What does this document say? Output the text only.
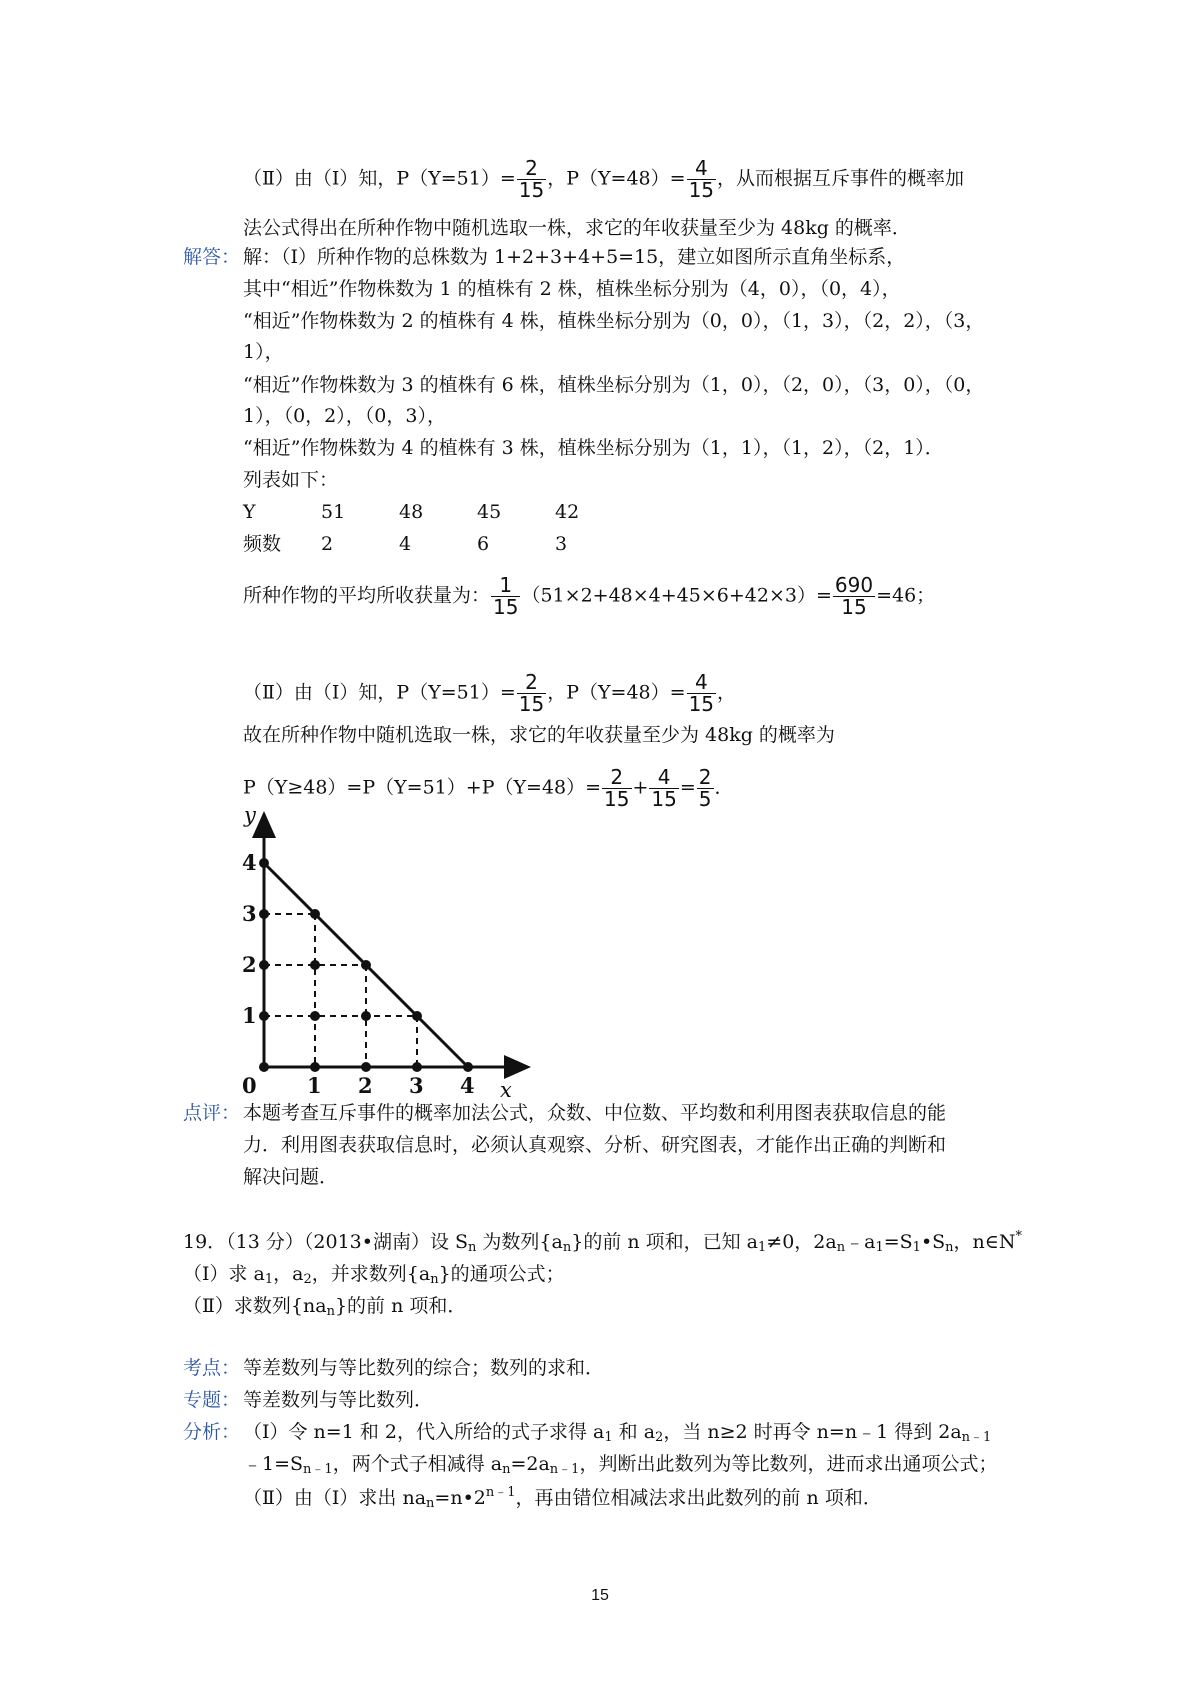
（Ⅱ）由（Ⅰ）知，$P(Y=51)= \frac{2}{15}$ ，$P(Y=48)= \frac{4}{15}$ ，从而根据互斥事件的概率加
法公式得出在所种作物中随机选取一株，求它的年收获量至少为 48kg 的概率．
解答： 解：（Ⅰ）所种作物的总株数为 1+2+3+4+5=15，建立如图所示直角坐标系，
其中“相近”作物株数为 1 的植株有 2 株，植株坐标分别为（4，0），（0，4），
“相近”作物株数为 2 的植株有 4 株，植株坐标分别为（0，0），（1，3），（2，2），（3，
1），
“相近”作物株数为 3 的植株有 6 株，植株坐标分别为（1，0），（2，0），（3，0），（0，
1），（0，2），（0，3），
“相近”作物株数为 4 的植株有 3 株，植株坐标分别为（1，1），（1，2），（2，1）．
列表如下：
Y	51	48	45	42
频数 2	4	6	3
所种作物的平均所收获量为： $\frac{1}{15} (51\times 2+48\times 4+45\times 6+42\times 3)= \frac{690}{15} =46$；
（Ⅱ）由（Ⅰ）知，$P(Y=51)= \frac{2}{15}$ ，$P(Y=48)= \frac{4}{15}$ ，
故在所种作物中随机选取一株，求它的年收获量至少为 48kg 的概率为
$P(Y\ge 48)=P(Y=51)+P(Y=48)= \frac{2}{15} + \frac{4}{15} = \frac{2}{5}$ ．
y
x
0 1 2 3 4
1
2
3
4
点评： 本题考查互斥事件的概率加法公式，众数、中位数、平均数和利用图表获取信息的能
力．利用图表获取信息时，必须认真观察、分析、研究图表，才能作出正确的判断和
解决问题．
19．（13 分）（2013•湖南）设 $S_n$ 为数列$\{a_n\}$的前 n 项和，已知 $a_1\ne 0$，$2a_n﹣a_1=S_1•S_n$，n∈N*
（Ⅰ）求 $a_1$，$a_2$，并求数列$\{a_n\}$的通项公式；
（Ⅱ）求数列$\{na_n\}$的前 n 项和．
考点： 等差数列与等比数列的综合；数列的求和．
专题： 等差数列与等比数列．
分析： （Ⅰ）令 n=1 和 2，代入所给的式子求得 $a_1$ 和 $a_2$，当 n≥2 时再令 n=n﹣1 得到 $2a_{n﹣1}$
$﹣1=S_{n﹣1}$，两个式子相减得 $a_n=2a_{n﹣1}$，判断出此数列为等比数列，进而求出通项公式；
（Ⅱ）由（Ⅰ）求出 $na_n=n•2^{n﹣1}$，再由错位相减法求出此数列的前 n 项和．
15
